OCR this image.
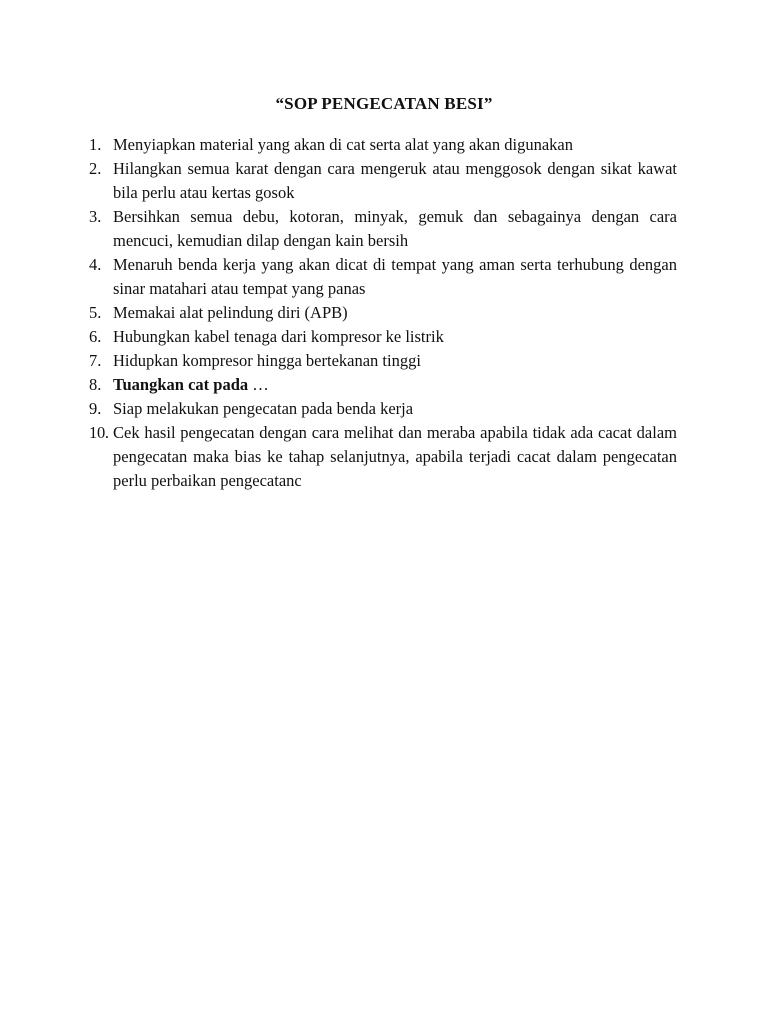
“SOP PENGECATAN BESI”
1. Menyiapkan material yang akan di cat serta alat yang akan digunakan
2. Hilangkan semua karat dengan cara mengeruk atau menggosok dengan sikat kawat bila perlu atau kertas gosok
3. Bersihkan semua debu, kotoran, minyak, gemuk dan sebagainya dengan cara mencuci, kemudian dilap dengan kain bersih
4. Menaruh benda kerja yang akan dicat di tempat yang aman serta terhubung dengan sinar matahari atau tempat yang panas
5. Memakai alat pelindung diri (APB)
6. Hubungkan kabel tenaga dari kompresor ke listrik
7. Hidupkan kompresor hingga bertekanan tinggi
8. Tuangkan cat pada …
9. Siap melakukan pengecatan pada benda kerja
10. Cek hasil pengecatan dengan cara melihat dan meraba apabila tidak ada cacat dalam pengecatan maka bias ke tahap selanjutnya, apabila terjadi cacat dalam pengecatan perlu perbaikan pengecatanc
